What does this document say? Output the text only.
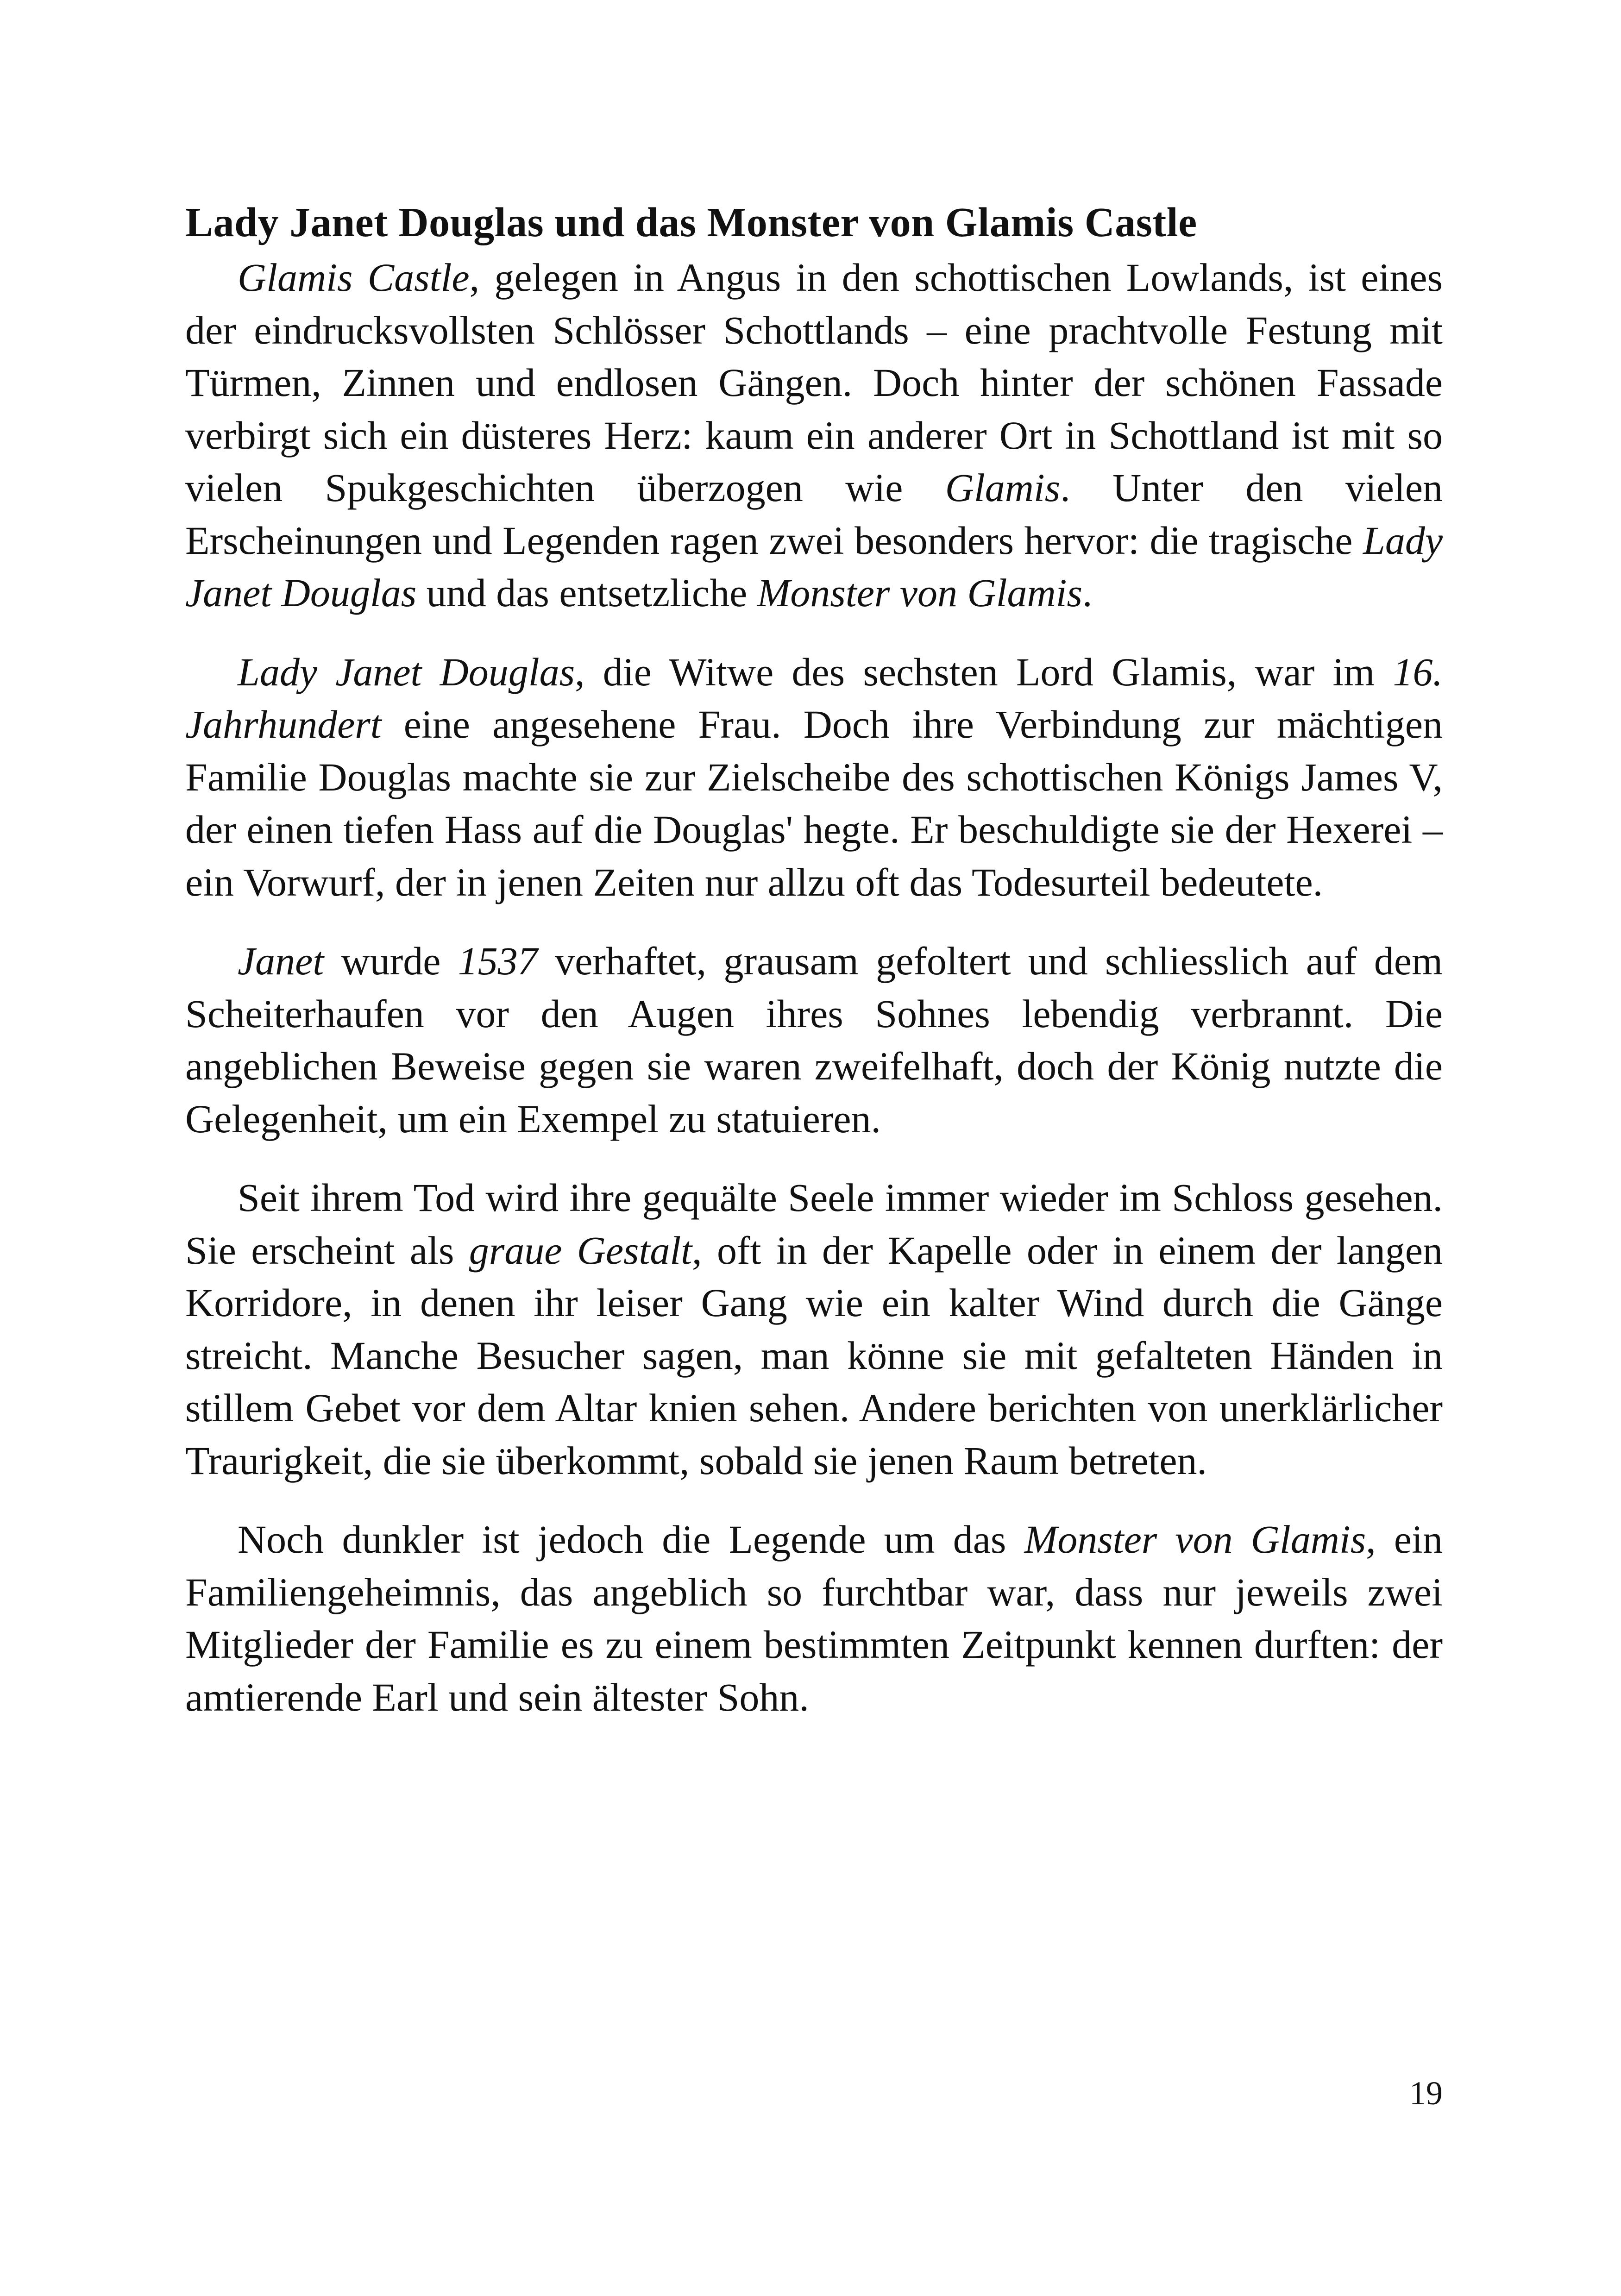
Lady Janet Douglas und das Monster von Glamis Castle

Glamis Castle, gelegen in Angus in den schottischen Lowlands, ist eines der eindrucksvollsten Schlösser Schottlands – eine prachtvolle Festung mit Türmen, Zinnen und endlosen Gängen. Doch hinter der schönen Fassade verbirgt sich ein düsteres Herz: kaum ein anderer Ort in Schottland ist mit so vielen Spukgeschichten überzogen wie Glamis. Unter den vielen Erscheinungen und Legenden ragen zwei besonders hervor: die tragische Lady Janet Douglas und das entsetzliche Monster von Glamis.

Lady Janet Douglas, die Witwe des sechsten Lord Glamis, war im 16. Jahrhundert eine angesehene Frau. Doch ihre Verbindung zur mächtigen Familie Douglas machte sie zur Zielscheibe des schottischen Königs James V, der einen tiefen Hass auf die Douglas' hegte. Er beschuldigte sie der Hexerei – ein Vorwurf, der in jenen Zeiten nur allzu oft das Todesurteil bedeutete.

Janet wurde 1537 verhaftet, grausam gefoltert und schliesslich auf dem Scheiterhaufen vor den Augen ihres Sohnes lebendig verbrannt. Die angeblichen Beweise gegen sie waren zweifelhaft, doch der König nutzte die Gelegenheit, um ein Exempel zu statuieren.

Seit ihrem Tod wird ihre gequälte Seele immer wieder im Schloss gesehen. Sie erscheint als graue Gestalt, oft in der Kapelle oder in einem der langen Korridore, in denen ihr leiser Gang wie ein kalter Wind durch die Gänge streicht. Manche Besucher sagen, man könne sie mit gefalteten Händen in stillem Gebet vor dem Altar knien sehen. Andere berichten von unerklärlicher Traurigkeit, die sie überkommt, sobald sie jenen Raum betreten.

Noch dunkler ist jedoch die Legende um das Monster von Glamis, ein Familiengeheimnis, das angeblich so furchtbar war, dass nur jeweils zwei Mitglieder der Familie es zu einem bestimmten Zeitpunkt kennen durften: der amtierende Earl und sein ältester Sohn.

19
